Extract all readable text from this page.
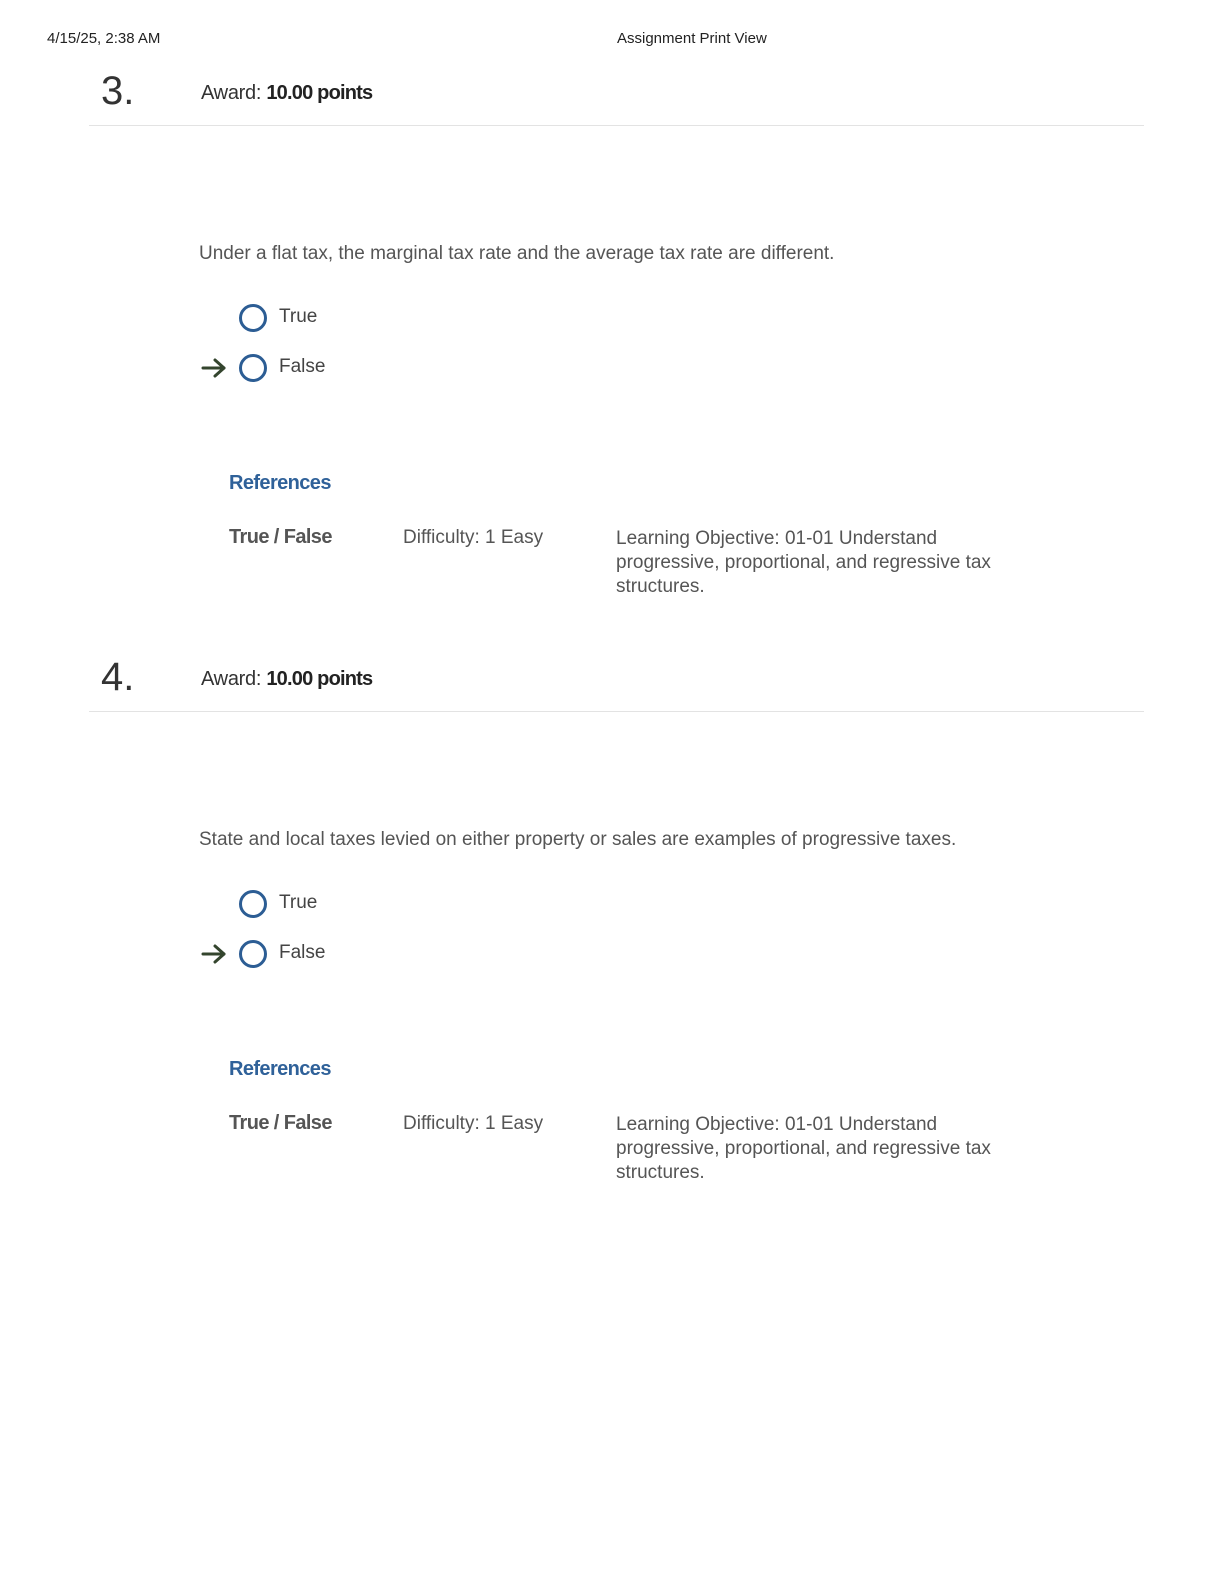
4/15/25, 2:38 AM	Assignment Print View
3.	Award: 10.00 points
Under a flat tax, the marginal tax rate and the average tax rate are different.
True
False
References
True / False	Difficulty: 1 Easy	Learning Objective: 01-01 Understand progressive, proportional, and regressive tax structures.
4.	Award: 10.00 points
State and local taxes levied on either property or sales are examples of progressive taxes.
True
False
References
True / False	Difficulty: 1 Easy	Learning Objective: 01-01 Understand progressive, proportional, and regressive tax structures.
